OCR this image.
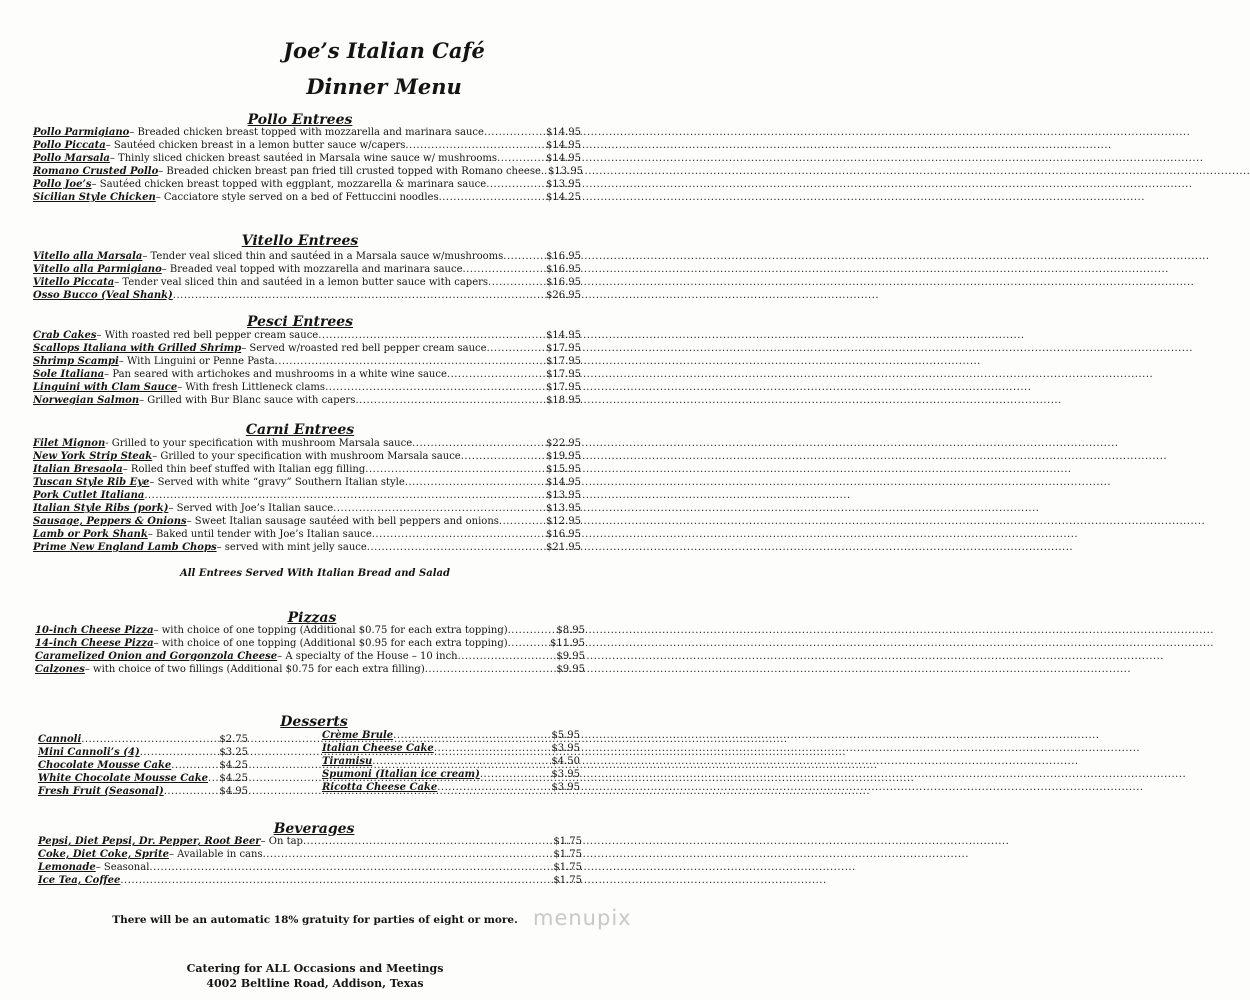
Joe’s Italian Café
Dinner Menu
Pollo Entrees
Pollo Parmigiano – Breaded chicken breast topped with mozzarella and marinara sauce .....	$14.95
Pollo Piccata – Sautéed chicken breast in a lemon butter sauce w/capers .....	$14.95
Pollo Marsala – Thinly sliced chicken breast sautéed in Marsala wine sauce w/ mushrooms .....	$14.95
Romano Crusted Pollo – Breaded chicken breast pan fried till crusted topped with Romano cheese. ..... $13.95
Pollo Joe’s – Sautéed chicken breast topped with eggplant, mozzarella & marinara sauce .....	$13.95
Sicilian Style Chicken – Cacciatore style served on a bed of Fettuccini noodles .....	$14.25
Vitello Entrees
Vitello alla Marsala – Tender veal sliced thin and sautéed in a Marsala sauce w/mushrooms .....	$16.95
Vitello alla Parmigiano – Breaded veal topped with mozzarella and marinara sauce .....	$16.95
Vitello Piccata – Tender veal sliced thin and sautéed in a lemon butter sauce with capers .....	$16.95
Osso Bucco (Veal Shank) .....	$26.95
Pesci Entrees
Crab Cakes – With roasted red bell pepper cream sauce .....	$14.95
Scallops Italiana with Grilled Shrimp – Served w/roasted red bell pepper cream sauce .....	$17.95
Shrimp Scampi – With Linguini or Penne Pasta .....	$17.95
Sole Italiana – Pan seared with artichokes and mushrooms in a white wine sauce .....	$17.95
Linguini with Clam Sauce – With fresh Littleneck clams .....	$17.95
Norwegian Salmon – Grilled with Bur Blanc sauce with capers .....	$18.95
Carni Entrees
Filet Mignon - Grilled to your specification with mushroom Marsala sauce .....	$22.95
New York Strip Steak – Grilled to your specification with mushroom Marsala sauce .....	$19.95
Italian Bresaola – Rolled thin beef stuffed with Italian egg filling .....	$15.95
Tuscan Style Rib Eye – Served with white “gravy” Southern Italian style .....	$14.95
Pork Cutlet Italiana .....	$13.95
Italian Style Ribs (pork) – Served with Joe’s Italian sauce .....	$13.95
Sausage, Peppers & Onions – Sweet Italian sausage sautéed with bell peppers and onions .....	$12.95
Lamb or Pork Shank – Baked until tender with Joe’s Italian sauce .....	$16.95
Prime New England Lamb Chops – served with mint jelly sauce .....	$21.95
All Entrees Served With Italian Bread and Salad
Pizzas
10-inch Cheese Pizza – with choice of one topping (Additional $0.75 for each extra topping) .....	$8.95
14-inch Cheese Pizza – with choice of one topping (Additional $0.95 for each extra topping) .....	$11.95
Caramelized Onion and Gorgonzola Cheese – A specialty of the House – 10 inch .....	$9.95
Calzones – with choice of two fillings (Additional $0.75 for each extra filling) .....	$9.95
Desserts
Cannoli .....	$2.75
Mini Cannoli’s (4) .....	$3.25
Chocolate Mousse Cake .....	$4.25
White Chocolate Mousse Cake ..... $4.25
Fresh Fruit (Seasonal) .....	$4.95
Crème Brule .....	$5.95
Italian Cheese Cake .....	$3.95
Tiramisu .....	$4.50
Spumoni (Italian ice cream) .....	$3.95
Ricotta Cheese Cake .....	$3.95
Beverages
Pepsi, Diet Pepsi, Dr. Pepper, Root Beer – On tap .....	$1.75
Coke, Diet Coke, Sprite – Available in cans .....	$1.75
Lemonade – Seasonal .....	$1.75
Ice Tea, Coffee .....	$1.75
There will be an automatic 18% gratuity for parties of eight or more.
Catering for ALL Occasions and Meetings
4002 Beltline Road, Addison, Texas
menupix
